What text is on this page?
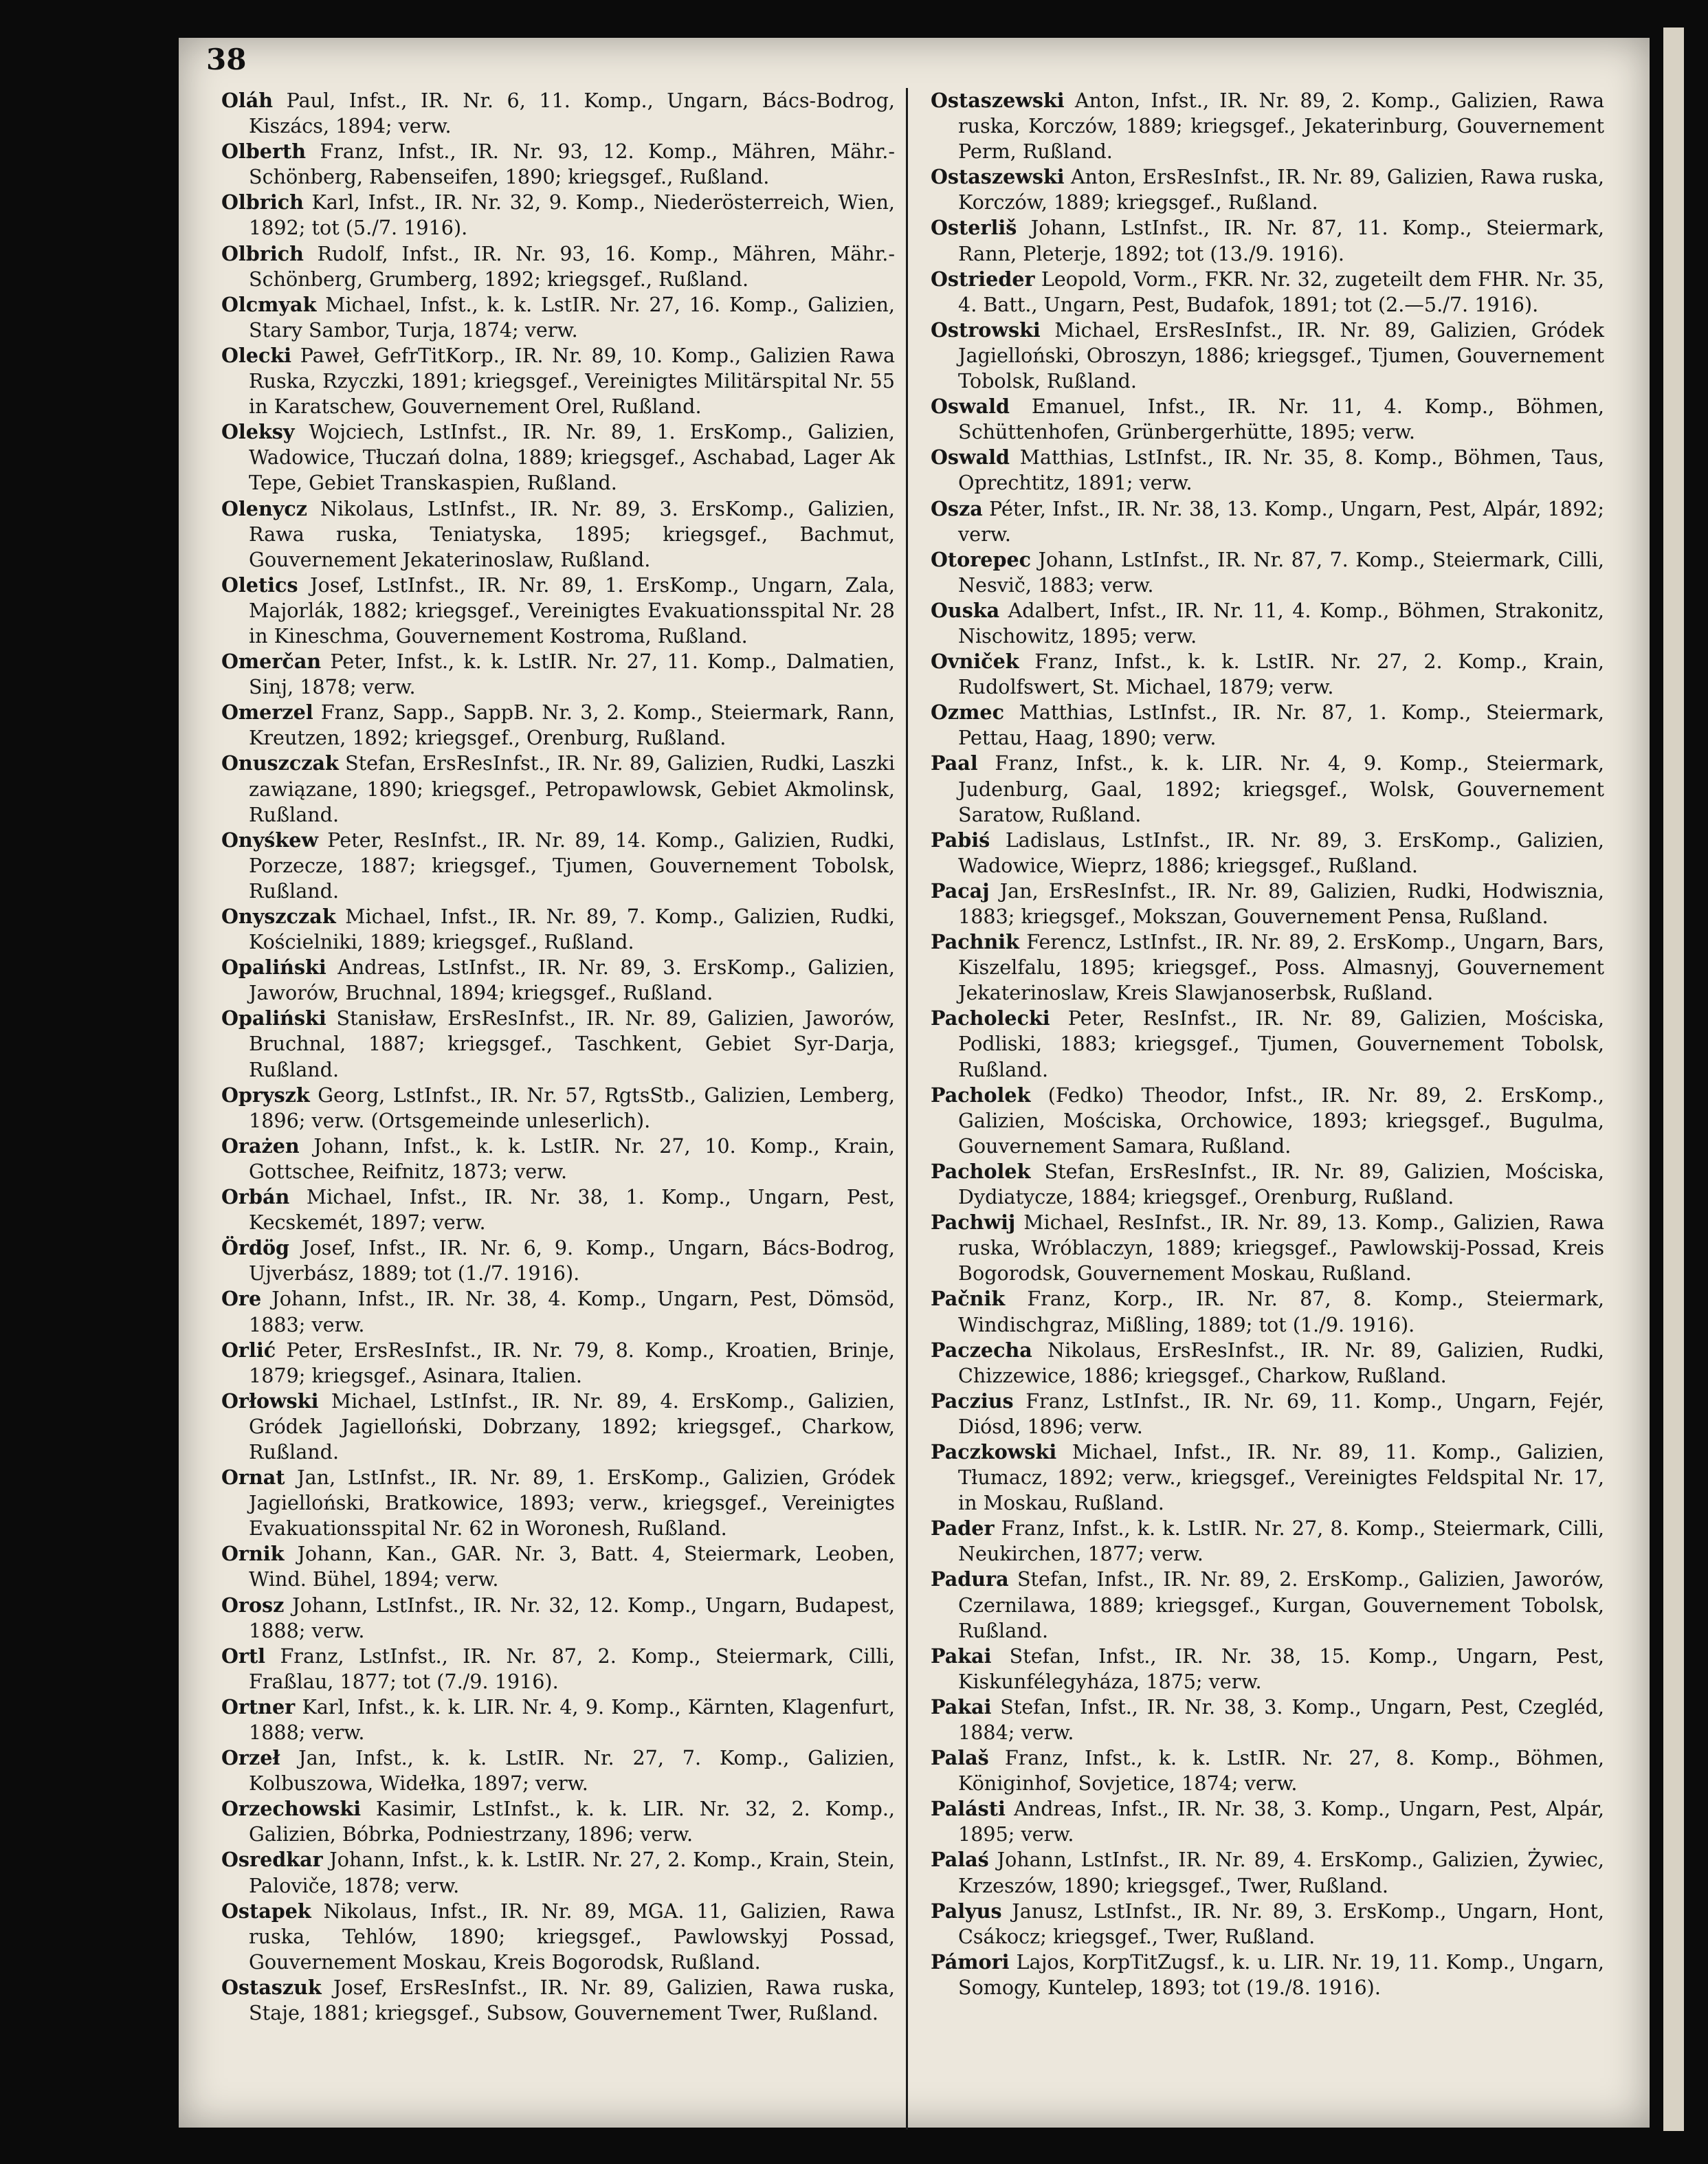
38

Oláh Paul, Infst., IR. Nr. 6, 11. Komp., Ungarn, Bács-Bodrog, Kiszács, 1894; verw.

Olberth Franz, Infst., IR. Nr. 93, 12. Komp., Mähren, Mähr.-Schönberg, Rabenseifen, 1890; kriegsgef., Rußland.

Olbrich Karl, Infst., IR. Nr. 32, 9. Komp., Niederösterreich, Wien, 1892; tot (5./7. 1916).

Olbrich Rudolf, Infst., IR. Nr. 93, 16. Komp., Mähren, Mähr.-Schönberg, Grumberg, 1892; kriegsgef., Rußland.

Olcmyak Michael, Infst., k. k. LstIR. Nr. 27, 16. Komp., Galizien, Stary Sambor, Turja, 1874; verw.

Olecki Paweł, GefrTitKorp., IR. Nr. 89, 10. Komp., Galizien Rawa Ruska, Rzyczki, 1891; kriegsgef., Vereinigtes Militärspital Nr. 55 in Karatschew, Gouvernement Orel, Rußland.

Oleksy Wojciech, LstInfst., IR. Nr. 89, 1. ErsKomp., Galizien, Wadowice, Tłuczań dolna, 1889; kriegsgef., Aschabad, Lager Ak Tepe, Gebiet Transkaspien, Rußland.

Olenycz Nikolaus, LstInfst., IR. Nr. 89, 3. ErsKomp., Galizien, Rawa ruska, Teniatyska, 1895; kriegsgef., Bachmut, Gouvernement Jekaterinoslaw, Rußland.

Oletics Josef, LstInfst., IR. Nr. 89, 1. ErsKomp., Ungarn, Zala, Majorlák, 1882; kriegsgef., Vereinigtes Evakuationsspital Nr. 28 in Kineschma, Gouvernement Kostroma, Rußland.

Omerčan Peter, Infst., k. k. LstIR. Nr. 27, 11. Komp., Dalmatien, Sinj, 1878; verw.

Omerzel Franz, Sapp., SappB. Nr. 3, 2. Komp., Steiermark, Rann, Kreutzen, 1892; kriegsgef., Orenburg, Rußland.

Onuszczak Stefan, ErsResInfst., IR. Nr. 89, Galizien, Rudki, Laszki zawiązane, 1890; kriegsgef., Petropawlowsk, Gebiet Akmolinsk, Rußland.

Onyśkew Peter, ResInfst., IR. Nr. 89, 14. Komp., Galizien, Rudki, Porzecze, 1887; kriegsgef., Tjumen, Gouvernement Tobolsk, Rußland.

Onyszczak Michael, Infst., IR. Nr. 89, 7. Komp., Galizien, Rudki, Kościelniki, 1889; kriegsgef., Rußland.

Opaliński Andreas, LstInfst., IR. Nr. 89, 3. ErsKomp., Galizien, Jaworów, Bruchnal, 1894; kriegsgef., Rußland.

Opaliński Stanisław, ErsResInfst., IR. Nr. 89, Galizien, Jaworów, Bruchnal, 1887; kriegsgef., Taschkent, Gebiet Syr-Darja, Rußland.

Opryszk Georg, LstInfst., IR. Nr. 57, RgtsStb., Galizien, Lemberg, 1896; verw. (Ortsgemeinde unleserlich).

Orażen Johann, Infst., k. k. LstIR. Nr. 27, 10. Komp., Krain, Gottschee, Reifnitz, 1873; verw.

Orbán Michael, Infst., IR. Nr. 38, 1. Komp., Ungarn, Pest, Kecskemét, 1897; verw.

Ördög Josef, Infst., IR. Nr. 6, 9. Komp., Ungarn, Bács-Bodrog, Ujverbász, 1889; tot (1./7. 1916).

Ore Johann, Infst., IR. Nr. 38, 4. Komp., Ungarn, Pest, Dömsöd, 1883; verw.

Orlić Peter, ErsResInfst., IR. Nr. 79, 8. Komp., Kroatien, Brinje, 1879; kriegsgef., Asinara, Italien.

Orłowski Michael, LstInfst., IR. Nr. 89, 4. ErsKomp., Galizien, Gródek Jagielloński, Dobrzany, 1892; kriegsgef., Charkow, Rußland.

Ornat Jan, LstInfst., IR. Nr. 89, 1. ErsKomp., Galizien, Gródek Jagielloński, Bratkowice, 1893; verw., kriegsgef., Vereinigtes Evakuationsspital Nr. 62 in Woronesh, Rußland.

Ornik Johann, Kan., GAR. Nr. 3, Batt. 4, Steiermark, Leoben, Wind. Bühel, 1894; verw.

Orosz Johann, LstInfst., IR. Nr. 32, 12. Komp., Ungarn, Budapest, 1888; verw.

Ortl Franz, LstInfst., IR. Nr. 87, 2. Komp., Steiermark, Cilli, Fraßlau, 1877; tot (7./9. 1916).

Ortner Karl, Infst., k. k. LIR. Nr. 4, 9. Komp., Kärnten, Klagenfurt, 1888; verw.

Orzeł Jan, Infst., k. k. LstIR. Nr. 27, 7. Komp., Galizien, Kolbuszowa, Widełka, 1897; verw.

Orzechowski Kasimir, LstInfst., k. k. LIR. Nr. 32, 2. Komp., Galizien, Bóbrka, Podniestrzany, 1896; verw.

Osredkar Johann, Infst., k. k. LstIR. Nr. 27, 2. Komp., Krain, Stein, Paloviče, 1878; verw.

Ostapek Nikolaus, Infst., IR. Nr. 89, MGA. 11, Galizien, Rawa ruska, Tehlów, 1890; kriegsgef., Pawlowskyj Possad, Gouvernement Moskau, Kreis Bogorodsk, Rußland.

Ostaszuk Josef, ErsResInfst., IR. Nr. 89, Galizien, Rawa ruska, Staje, 1881; kriegsgef., Subsow, Gouvernement Twer, Rußland.

Ostaszewski Anton, Infst., IR. Nr. 89, 2. Komp., Galizien, Rawa ruska, Korczów, 1889; kriegsgef., Jekaterinburg, Gouvernement Perm, Rußland.

Ostaszewski Anton, ErsResInfst., IR. Nr. 89, Galizien, Rawa ruska, Korczów, 1889; kriegsgef., Rußland.

Osterliš Johann, LstInfst., IR. Nr. 87, 11. Komp., Steiermark, Rann, Pleterje, 1892; tot (13./9. 1916).

Ostrieder Leopold, Vorm., FKR. Nr. 32, zugeteilt dem FHR. Nr. 35, 4. Batt., Ungarn, Pest, Budafok, 1891; tot (2.—5./7. 1916).

Ostrowski Michael, ErsResInfst., IR. Nr. 89, Galizien, Gródek Jagielloński, Obroszyn, 1886; kriegsgef., Tjumen, Gouvernement Tobolsk, Rußland.

Oswald Emanuel, Infst., IR. Nr. 11, 4. Komp., Böhmen, Schüttenhofen, Grünbergerhütte, 1895; verw.

Oswald Matthias, LstInfst., IR. Nr. 35, 8. Komp., Böhmen, Taus, Oprechtitz, 1891; verw.

Osza Péter, Infst., IR. Nr. 38, 13. Komp., Ungarn, Pest, Alpár, 1892; verw.

Otorepec Johann, LstInfst., IR. Nr. 87, 7. Komp., Steiermark, Cilli, Nesvič, 1883; verw.

Ouska Adalbert, Infst., IR. Nr. 11, 4. Komp., Böhmen, Strakonitz, Nischowitz, 1895; verw.

Ovniček Franz, Infst., k. k. LstIR. Nr. 27, 2. Komp., Krain, Rudolfswert, St. Michael, 1879; verw.

Ozmec Matthias, LstInfst., IR. Nr. 87, 1. Komp., Steiermark, Pettau, Haag, 1890; verw.

Paal Franz, Infst., k. k. LIR. Nr. 4, 9. Komp., Steiermark, Judenburg, Gaal, 1892; kriegsgef., Wolsk, Gouvernement Saratow, Rußland.

Pabiś Ladislaus, LstInfst., IR. Nr. 89, 3. ErsKomp., Galizien, Wadowice, Wieprz, 1886; kriegsgef., Rußland.

Pacaj Jan, ErsResInfst., IR. Nr. 89, Galizien, Rudki, Hodwisznia, 1883; kriegsgef., Mokszan, Gouvernement Pensa, Rußland.

Pachnik Ferencz, LstInfst., IR. Nr. 89, 2. ErsKomp., Ungarn, Bars, Kiszelfalu, 1895; kriegsgef., Poss. Almasnyj, Gouvernement Jekaterinoslaw, Kreis Slawjanoserbsk, Rußland.

Pacholecki Peter, ResInfst., IR. Nr. 89, Galizien, Mościska, Podliski, 1883; kriegsgef., Tjumen, Gouvernement Tobolsk, Rußland.

Pacholek (Fedko) Theodor, Infst., IR. Nr. 89, 2. ErsKomp., Galizien, Mościska, Orchowice, 1893; kriegsgef., Bugulma, Gouvernement Samara, Rußland.

Pacholek Stefan, ErsResInfst., IR. Nr. 89, Galizien, Mościska, Dydiatycze, 1884; kriegsgef., Orenburg, Rußland.

Pachwij Michael, ResInfst., IR. Nr. 89, 13. Komp., Galizien, Rawa ruska, Wróblaczyn, 1889; kriegsgef., Pawlowskij-Possad, Kreis Bogorodsk, Gouvernement Moskau, Rußland.

Pačnik Franz, Korp., IR. Nr. 87, 8. Komp., Steiermark, Windischgraz, Mißling, 1889; tot (1./9. 1916).

Paczecha Nikolaus, ErsResInfst., IR. Nr. 89, Galizien, Rudki, Chizzewice, 1886; kriegsgef., Charkow, Rußland.

Paczius Franz, LstInfst., IR. Nr. 69, 11. Komp., Ungarn, Fejér, Diósd, 1896; verw.

Paczkowski Michael, Infst., IR. Nr. 89, 11. Komp., Galizien, Tłumacz, 1892; verw., kriegsgef., Vereinigtes Feldspital Nr. 17, in Moskau, Rußland.

Pader Franz, Infst., k. k. LstIR. Nr. 27, 8. Komp., Steiermark, Cilli, Neukirchen, 1877; verw.

Padura Stefan, Infst., IR. Nr. 89, 2. ErsKomp., Galizien, Jaworów, Czernilawa, 1889; kriegsgef., Kurgan, Gouvernement Tobolsk, Rußland.

Pakai Stefan, Infst., IR. Nr. 38, 15. Komp., Ungarn, Pest, Kiskunfélegyháza, 1875; verw.

Pakai Stefan, Infst., IR. Nr. 38, 3. Komp., Ungarn, Pest, Czegléd, 1884; verw.

Palaš Franz, Infst., k. k. LstIR. Nr. 27, 8. Komp., Böhmen, Königinhof, Sovjetice, 1874; verw.

Palásti Andreas, Infst., IR. Nr. 38, 3. Komp., Ungarn, Pest, Alpár, 1895; verw.

Palaś Johann, LstInfst., IR. Nr. 89, 4. ErsKomp., Galizien, Żywiec, Krzeszów, 1890; kriegsgef., Twer, Rußland.

Palyus Janusz, LstInfst., IR. Nr. 89, 3. ErsKomp., Ungarn, Hont, Csákocz; kriegsgef., Twer, Rußland.

Pámori Lajos, KorpTitZugsf., k. u. LIR. Nr. 19, 11. Komp., Ungarn, Somogy, Kuntelep, 1893; tot (19./8. 1916).
